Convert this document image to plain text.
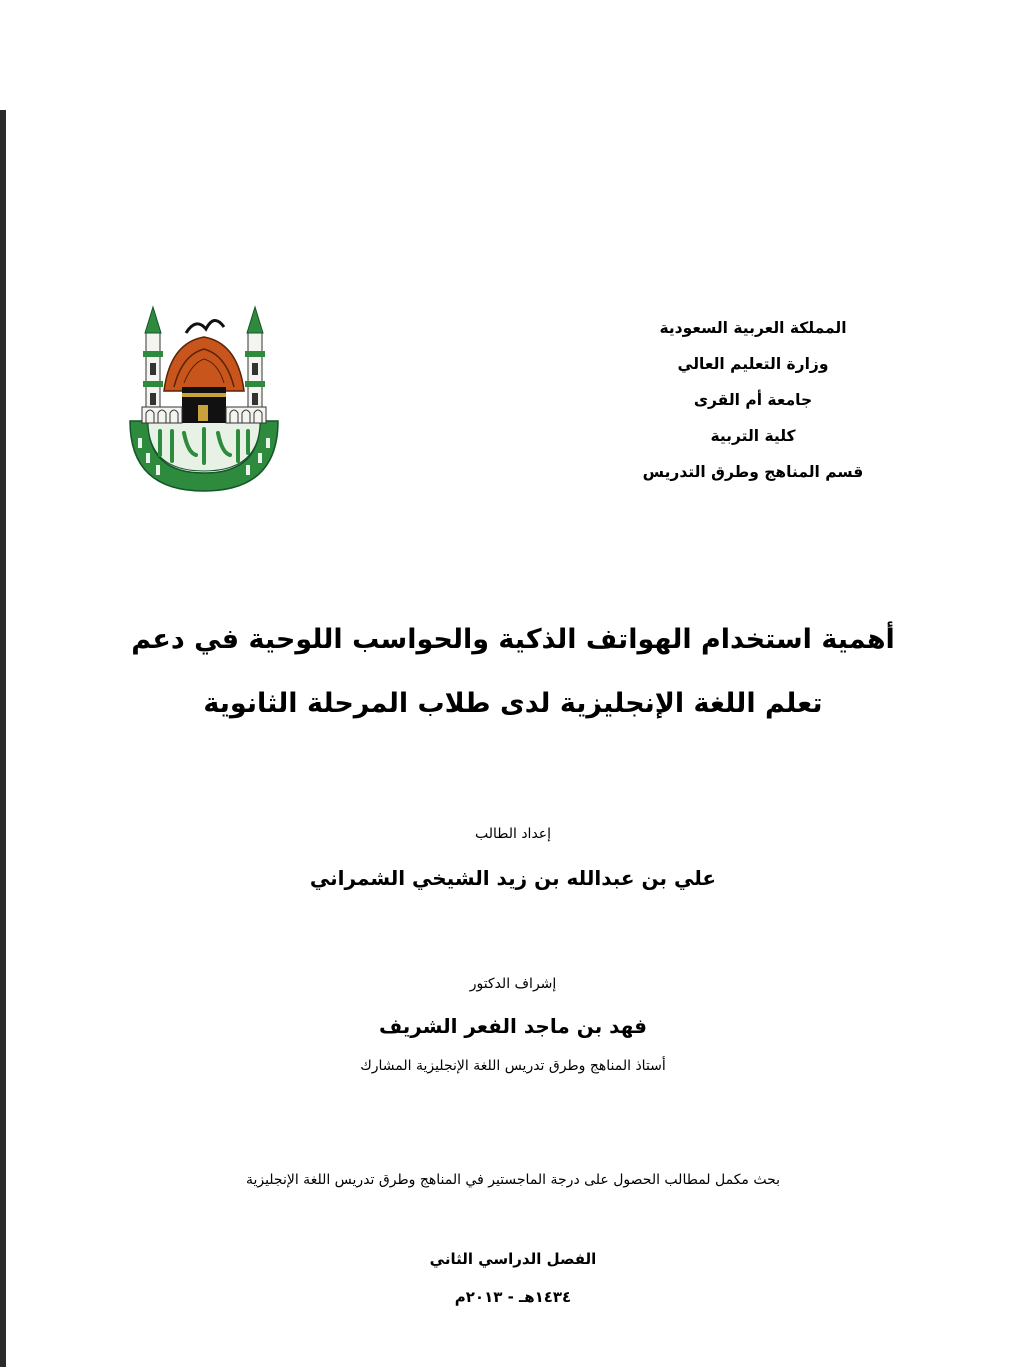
المملكة العربية السعودية
وزارة التعليم العالي
جامعة أم القرى
كلية التربية
قسم المناهج وطرق التدريس
أهمية استخدام الهواتف الذكية والحواسب اللوحية في دعم
تعلم اللغة الإنجليزية لدى طلاب المرحلة الثانوية
إعداد الطالب
علي بن عبدالله بن زيد الشيخي الشمراني
إشراف الدكتور
فهد بن ماجد الفعر الشريف
أستاذ المناهج وطرق تدريس اللغة الإنجليزية المشارك
بحث مكمل لمطالب الحصول على درجة الماجستير في المناهج وطرق تدريس اللغة الإنجليزية
الفصل الدراسي الثاني
١٤٣٤هـ - ٢٠١٣م
